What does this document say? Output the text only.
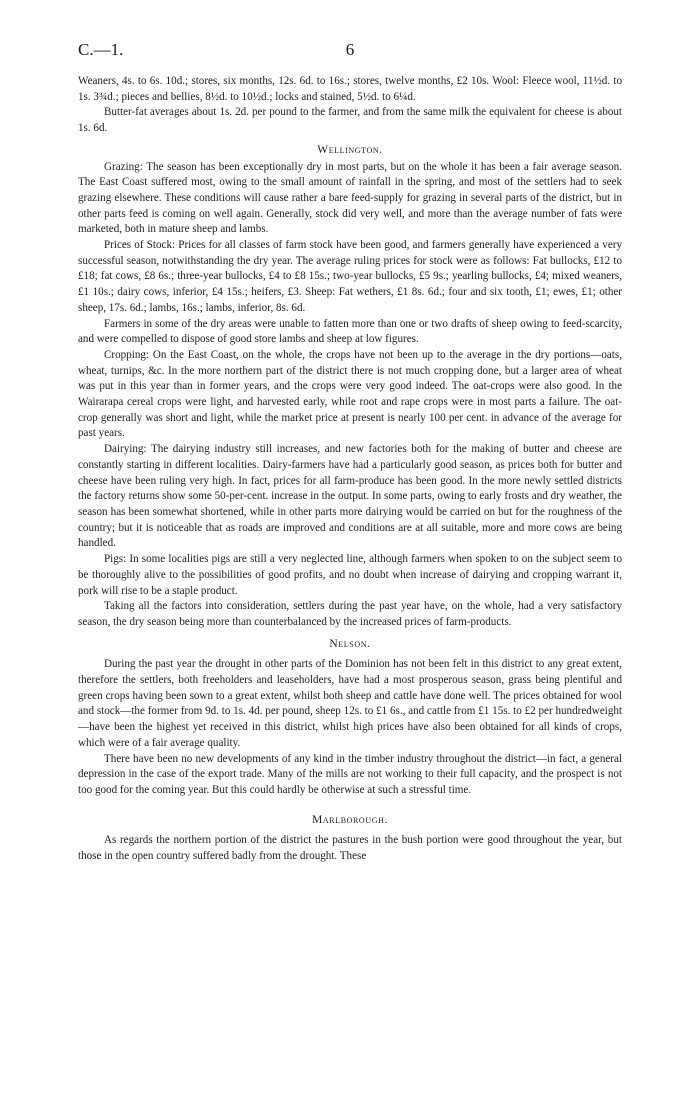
C.—1.	6

Weaners, 4s. to 6s. 10d.; stores, six months, 12s. 6d. to 16s.; stores, twelve months, £2 10s. Wool: Fleece wool, 11½d. to 1s. 3¾d.; pieces and bellies, 8½d. to 10½d.; locks and stained, 5½d. to 6¼d.

Butter-fat averages about 1s. 2d. per pound to the farmer, and from the same milk the equivalent for cheese is about 1s. 6d.

Wellington.

Grazing: The season has been exceptionally dry in most parts, but on the whole it has been a fair average season. The East Coast suffered most, owing to the small amount of rainfall in the spring, and most of the settlers had to seek grazing elsewhere. These conditions will cause rather a bare feed-supply for grazing in several parts of the district, but in other parts feed is coming on well again. Generally, stock did very well, and more than the average number of fats were marketed, both in mature sheep and lambs.

Prices of Stock: Prices for all classes of farm stock have been good, and farmers generally have experienced a very successful season, notwithstanding the dry year. The average ruling prices for stock were as follows: Fat bullocks, £12 to £18; fat cows, £8 6s.; three-year bullocks, £4 to £8 15s.; two-year bullocks, £5 9s.; yearling bullocks, £4; mixed weaners, £1 10s.; dairy cows, inferior, £4 15s.; heifers, £3. Sheep: Fat wethers, £1 8s. 6d.; four and six tooth, £1; ewes, £1; other sheep, 17s. 6d.; lambs, 16s.; lambs, inferior, 8s. 6d.

Farmers in some of the dry areas were unable to fatten more than one or two drafts of sheep owing to feed-scarcity, and were compelled to dispose of good store lambs and sheep at low figures.

Cropping: On the East Coast, on the whole, the crops have not been up to the average in the dry portions—oats, wheat, turnips, &c. In the more northern part of the district there is not much cropping done, but a larger area of wheat was put in this year than in former years, and the crops were very good indeed. The oat-crops were also good. In the Wairarapa cereal crops were light, and harvested early, while root and rape crops were in most parts a failure. The oat-crop generally was short and light, while the market price at present is nearly 100 per cent. in advance of the average for past years.

Dairying: The dairying industry still increases, and new factories both for the making of butter and cheese are constantly starting in different localities. Dairy-farmers have had a particularly good season, as prices both for butter and cheese have been ruling very high. In fact, prices for all farm-produce has been good. In the more newly settled districts the factory returns show some 50-per-cent. increase in the output. In some parts, owing to early frosts and dry weather, the season has been somewhat shortened, while in other parts more dairying would be carried on but for the roughness of the country; but it is noticeable that as roads are improved and conditions are at all suitable, more and more cows are being handled.

Pigs: In some localities pigs are still a very neglected line, although farmers when spoken to on the subject seem to be thoroughly alive to the possibilities of good profits, and no doubt when increase of dairying and cropping warrant it, pork will rise to be a staple product.

Taking all the factors into consideration, settlers during the past year have, on the whole, had a very satisfactory season, the dry season being more than counterbalanced by the increased prices of farm-products.

Nelson.

During the past year the drought in other parts of the Dominion has not been felt in this district to any great extent, therefore the settlers, both freeholders and leaseholders, have had a most prosperous season, grass being plentiful and green crops having been sown to a great extent, whilst both sheep and cattle have done well. The prices obtained for wool and stock—the former from 9d. to 1s. 4d. per pound, sheep 12s. to £1 6s., and cattle from £1 15s. to £2 per hundredweight—have been the highest yet received in this district, whilst high prices have also been obtained for all kinds of crops, which were of a fair average quality.

There have been no new developments of any kind in the timber industry throughout the district—in fact, a general depression in the case of the export trade. Many of the mills are not working to their full capacity, and the prospect is not too good for the coming year. But this could hardly be otherwise at such a stressful time.

Marlborough.

As regards the northern portion of the district the pastures in the bush portion were good throughout the year, but those in the open country suffered badly from the drought. These
